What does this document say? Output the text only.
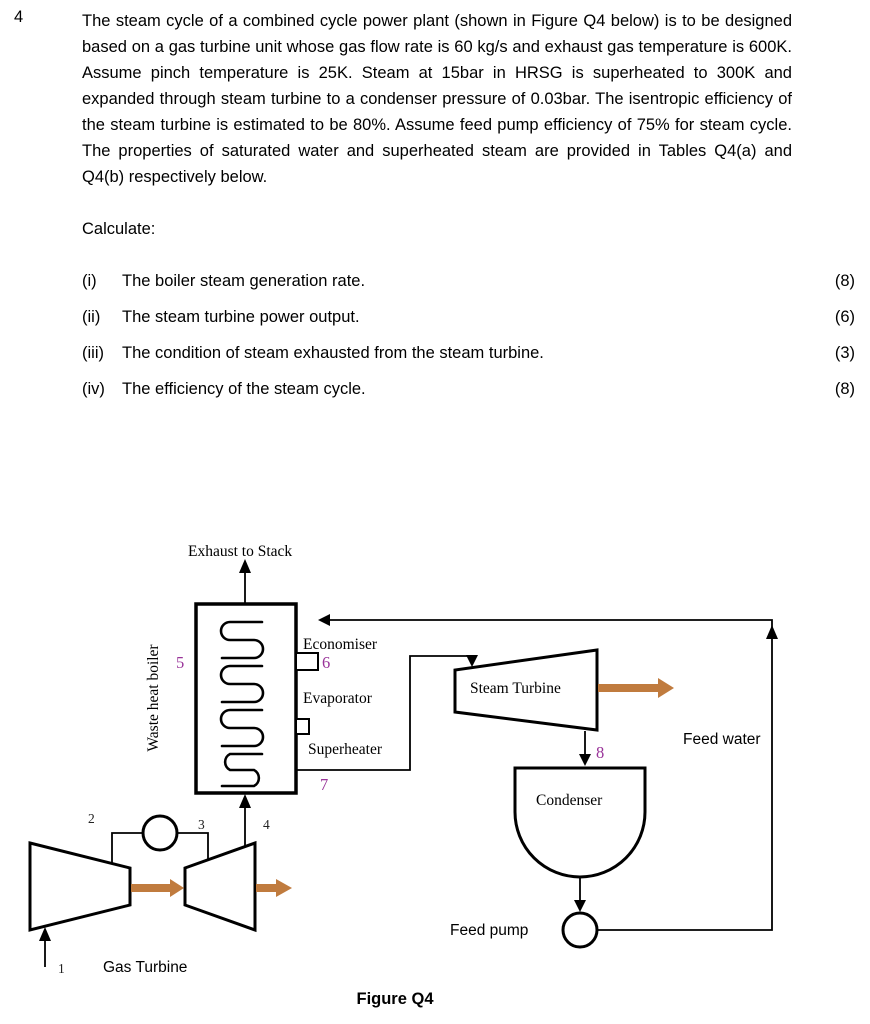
4	The steam cycle of a combined cycle power plant (shown in Figure Q4 below) is to be designed based on a gas turbine unit whose gas flow rate is 60 kg/s and exhaust gas temperature is 600K. Assume pinch temperature is 25K. Steam at 15bar in HRSG is superheated to 300K and expanded through steam turbine to a condenser pressure of 0.03bar. The isentropic efficiency of the steam turbine is estimated to be 80%. Assume feed pump efficiency of 75% for steam cycle. The properties of saturated water and superheated steam are provided in Tables Q4(a) and Q4(b) respectively below.

Calculate:

(i)	The boiler steam generation rate.	(8)
(ii)	The steam turbine power output.	(6)
(iii)	The condition of steam exhausted from the steam turbine.	(3)
(iv)	The efficiency of the steam cycle.	(8)
Exhaust to Stack
Waste heat boiler	Economiser
Evaporator
Superheater
Steam Turbine
Condenser
Feed water
Feed pump
Gas Turbine
5	6
7
8
1
2	3	4
Figure Q4
